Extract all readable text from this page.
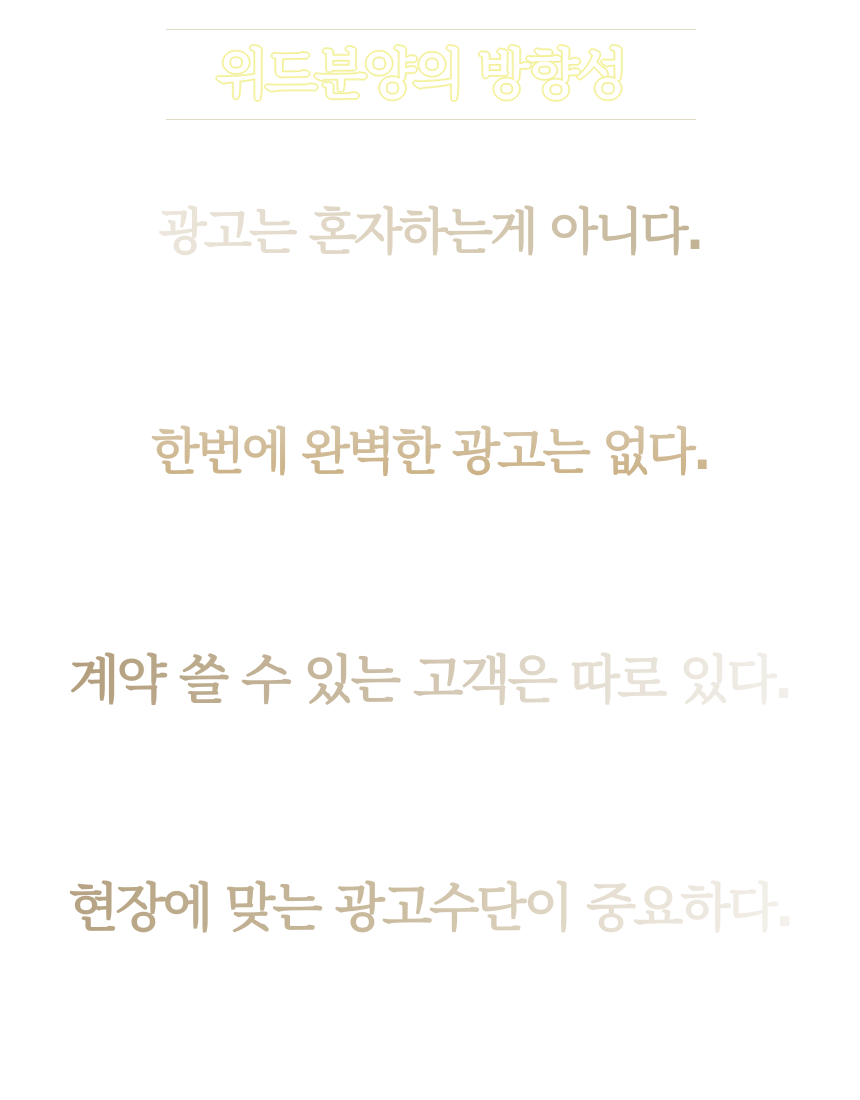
위드분양의 방향성
광고는 혼자하는게 아니다.
한번에 완벽한 광고는 없다.
계약 쓸 수 있는 고객은 따로 있다.
현장에 맞는 광고수단이 중요하다.
